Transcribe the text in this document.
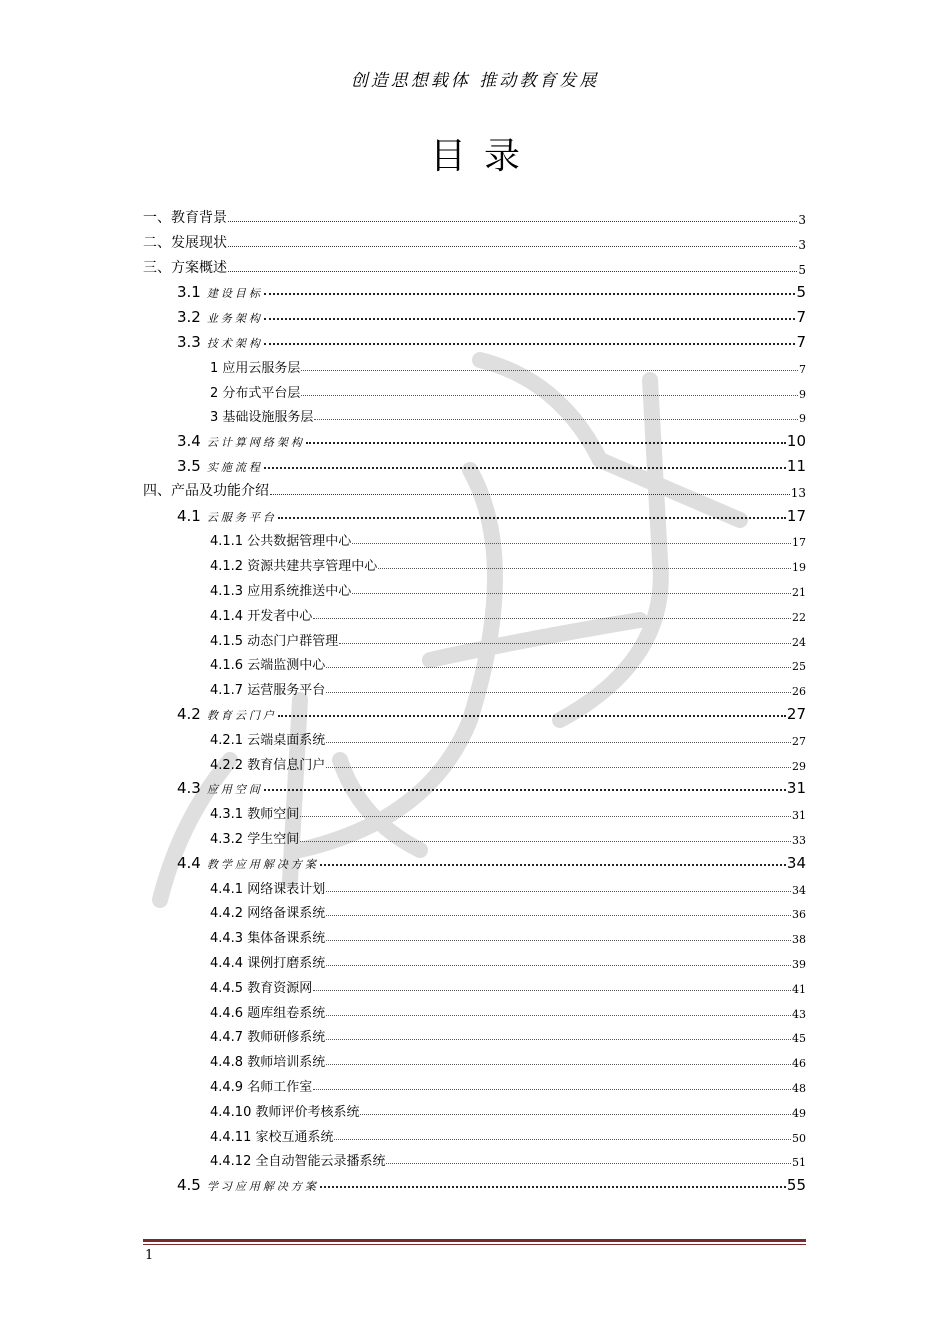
创造思想载体 推动教育发展
目录
一、教育背景	3
二、发展现状	3
三、方案概述	5
3.1 建设目标	5
3.2 业务架构	7
3.3 技术架构	7
1 应用云服务层	7
2 分布式平台层	9
3 基础设施服务层	9
3.4 云计算网络架构	10
3.5 实施流程	11
四、产品及功能介绍	13
4.1 云服务平台	17
4.1.1 公共数据管理中心	17
4.1.2 资源共建共享管理中心	19
4.1.3 应用系统推送中心	21
4.1.4 开发者中心	22
4.1.5 动态门户群管理	24
4.1.6 云端监测中心	25
4.1.7 运营服务平台	26
4.2 教育云门户	27
4.2.1 云端桌面系统	27
4.2.2 教育信息门户	29
4.3 应用空间	31
4.3.1 教师空间	31
4.3.2 学生空间	33
4.4 教学应用解决方案	34
4.4.1 网络课表计划	34
4.4.2 网络备课系统	36
4.4.3 集体备课系统	38
4.4.4 课例打磨系统	39
4.4.5 教育资源网	41
4.4.6 题库组卷系统	43
4.4.7 教师研修系统	45
4.4.8 教师培训系统	46
4.4.9 名师工作室	48
4.4.10 教师评价考核系统	49
4.4.11 家校互通系统	50
4.4.12 全自动智能云录播系统	51
4.5 学习应用解决方案	55
1
